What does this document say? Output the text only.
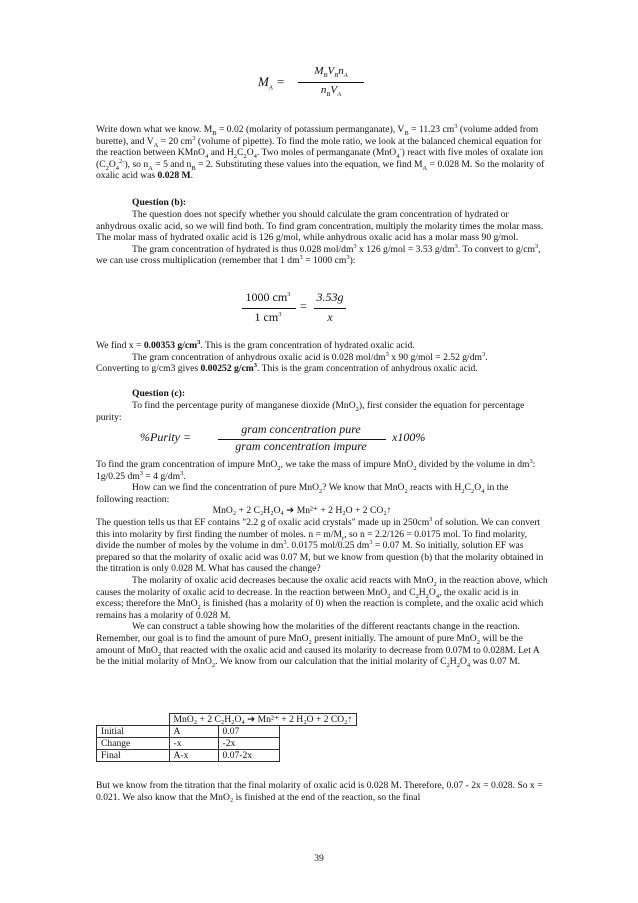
$M_A$ =
$M_BV_Bn_A$
$n_BV_A$

Write down what we know. $M_B = 0.02$ (molarity of potassium permanganate), $V_B = 11.23$ $cm^3$ (volume added from burette), and $V_A = 20$ $cm^3$ (volume of pipette). To find the mole ratio, we look at the balanced chemical equation for the reaction between KMnO$_4$ and $H_2C_2O_4$. Two moles of permanganate (MnO$_4$-) react with five moles of oxalate ion $(C_2O_4^{2-})$, so $n_A = 5$ and $n_B = 2$. Substituting these values into the equation, we find $M_A = 0.028$ M. So the molarity of oxalic acid was 0.028 M.

Question (b):

The question does not specify whether you should calculate the gram concentration of hydrated or anhydrous oxalic acid, so we will find both. To find gram concentration, multiply the molarity times the molar mass. The molar mass of hydrated oxalic acid is 126 g/mol, while anhydrous oxalic acid has a molar mass 90 g/mol.

The gram concentration of hydrated is thus 0.028 mol/$dm^3$ x 126 g/mol = 3.53 $g/dm^3$. To convert to $g/cm^3$, we can use cross multiplication (remember that 1 $dm^3 = 1000$ $cm^3$):

1000 $cm^3$
1 $cm^3$
=
3.53g
x

We find x = 0.00353 $g/cm^3$. This is the gram concentration of hydrated oxalic acid.

The gram concentration of anhydrous oxalic acid is 0.028 mol/$dm^3$ x 90 g/mol = 2.52 $g/dm^3$.

Converting to g/cm3 gives 0.00252 $g/cm^3$. This is the gram concentration of anhydrous oxalic acid.

Question (c):

To find the percentage purity of manganese dioxide (MnO$_2$), first consider the equation for percentage purity:

%Purity =
gram concentration pure
gram concentration impure
x100%

To find the gram concentration of impure MnO$_2$, we take the mass of impure MnO$_2$ divided by the volume in $dm^3$: 1g/0.25 $dm^3 = 4$ $g/dm^3$.

How can we find the concentration of pure MnO$_2$? We know that MnO$_2$ reacts with $H_2C_2O_4$ in the following reaction:

MnO₂ + 2 C₂H₂O₄ ➔ Mn²⁺ + 2 H₂O + 2 CO₂↑

The question tells us that EF contains "2.2 g of oxalic acid crystals" made up in $250cm^3$ of solution. We can convert this into molarity by first finding the number of moles. $n = m/M_r$, so n = 2.2/126 = 0.0175 mol. To find molarity, divide the number of moles by the volume in $dm^3$. 0.0175 mol/0.25 $dm^3 = 0.07$ M. So initially, solution EF was prepared so that the molarity of oxalic acid was 0.07 M, but we know from question (b) that the molarity obtained in the titration is only 0.028 M. What has caused the change?

The molarity of oxalic acid decreases because the oxalic acid reacts with MnO$_2$ in the reaction above, which causes the molarity of oxalic acid to decrease. In the reaction between MnO$_2$ and $C_2H_2O_4$, the oxalic acid is in excess; therefore the MnO$_2$ is finished (has a molarity of 0) when the reaction is complete, and the oxalic acid which remains has a molarity of 0.028 M.

We can construct a table showing how the molarities of the different reactants change in the reaction. Remember, our goal is to find the amount of pure MnO$_2$ present initially. The amount of pure MnO$_2$ will be the amount of MnO$_2$ that reacted with the oxalic acid and caused its molarity to decrease from 0.07M to 0.028M. Let A be the initial molarity of MnO$_2$. We know from our calculation that the initial molarity of $C_2H_2O_4$ was 0.07 M.

	MnO₂ + 2 C₂H₂O₄ ➔ Mn²⁺ + 2 H₂O + 2 CO₂↑		
Initial	A	0.07	
Change	-x	-2x	
Final	A-x	0.07-2x	

But we know from the titration that the final molarity of oxalic acid is 0.028 M. Therefore, 0.07 - 2x = 0.028. So x = 0.021. We also know that the MnO₂ is finished at the end of the reaction, so the final

39
